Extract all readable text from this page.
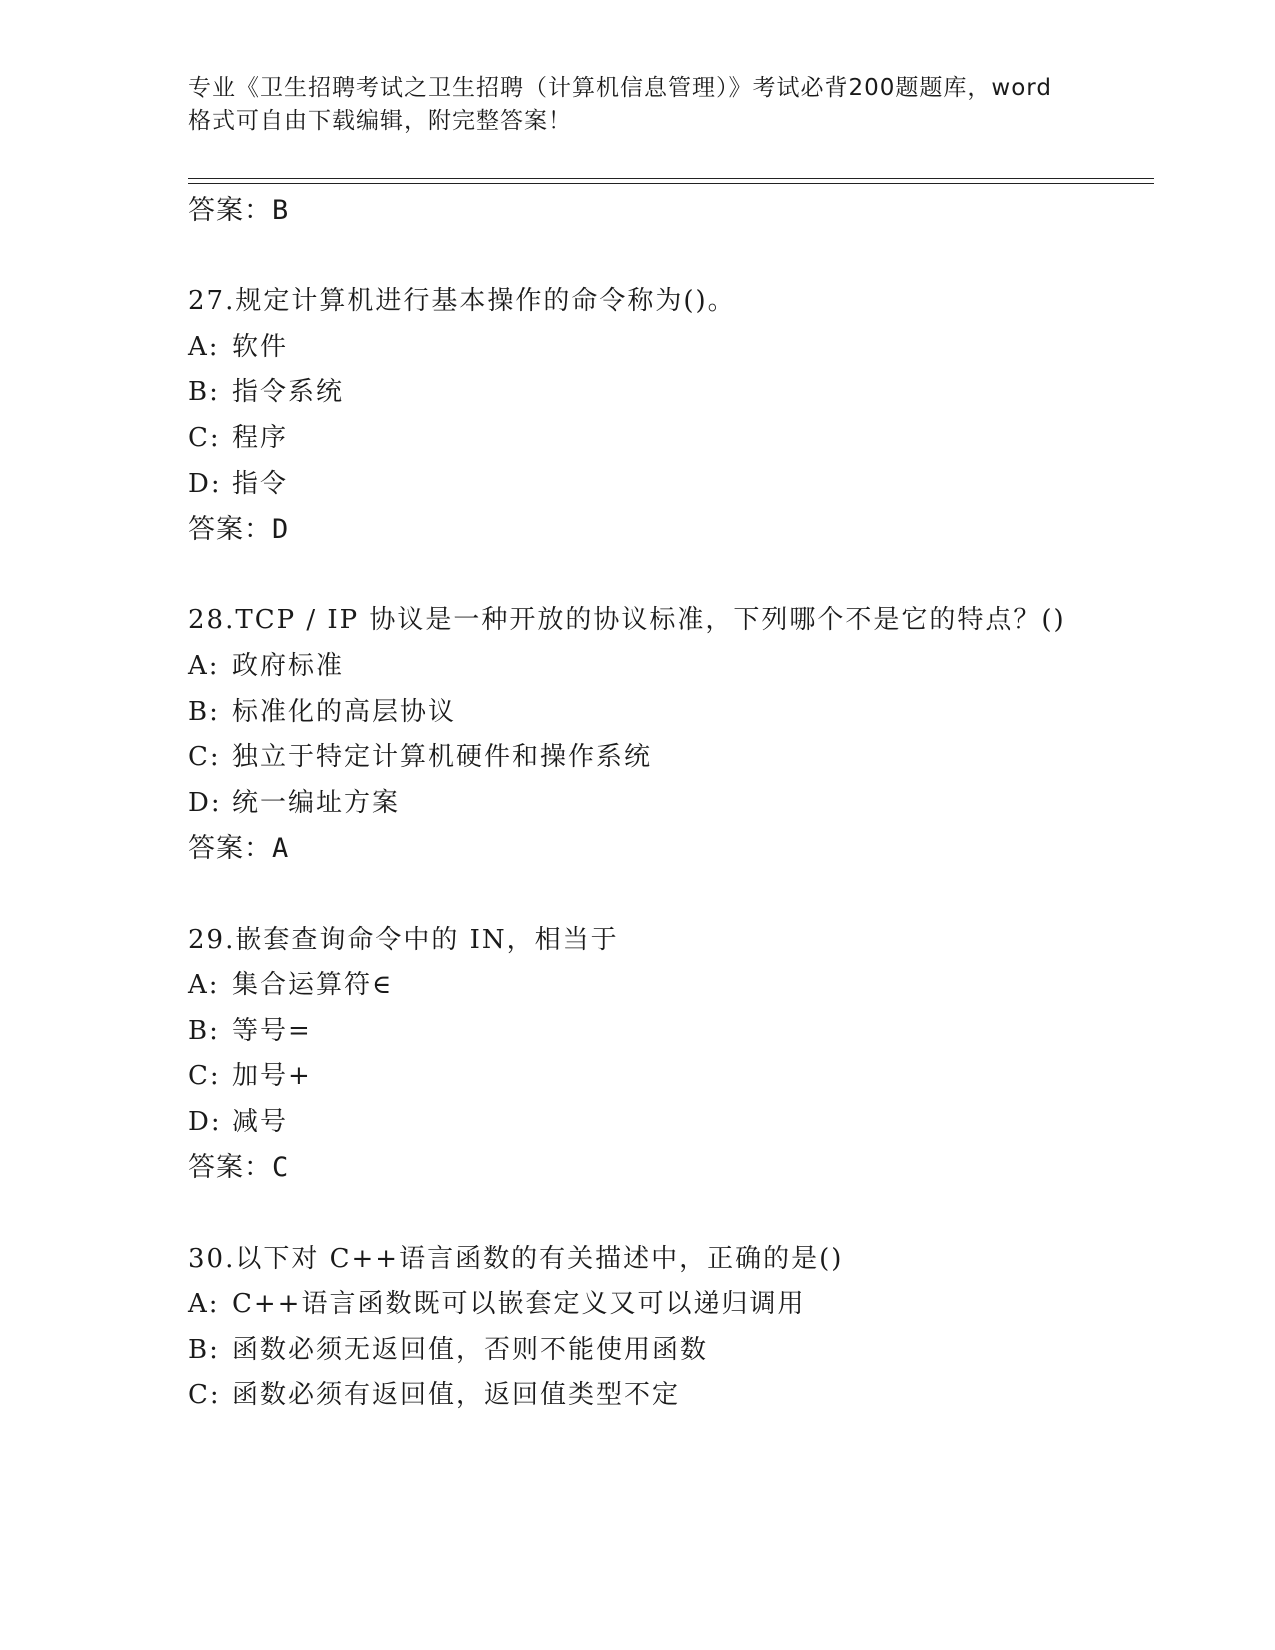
专业《卫生招聘考试之卫生招聘（计算机信息管理）》考试必背200题题库，word
格式可自由下载编辑，附完整答案！
答案：B
27.规定计算机进行基本操作的命令称为()。
A: 软件
B: 指令系统
C: 程序
D: 指令
答案：D
28.TCP / IP 协议是一种开放的协议标准，下列哪个不是它的特点？()
A: 政府标准
B: 标准化的高层协议
C: 独立于特定计算机硬件和操作系统
D: 统一编址方案
答案：A
29.嵌套查询命令中的 IN，相当于
A: 集合运算符∈
B: 等号=
C: 加号+
D: 减号
答案：C
30.以下对 C++语言函数的有关描述中，正确的是()
A: C++语言函数既可以嵌套定义又可以递归调用
B: 函数必须无返回值，否则不能使用函数
C: 函数必须有返回值，返回值类型不定
